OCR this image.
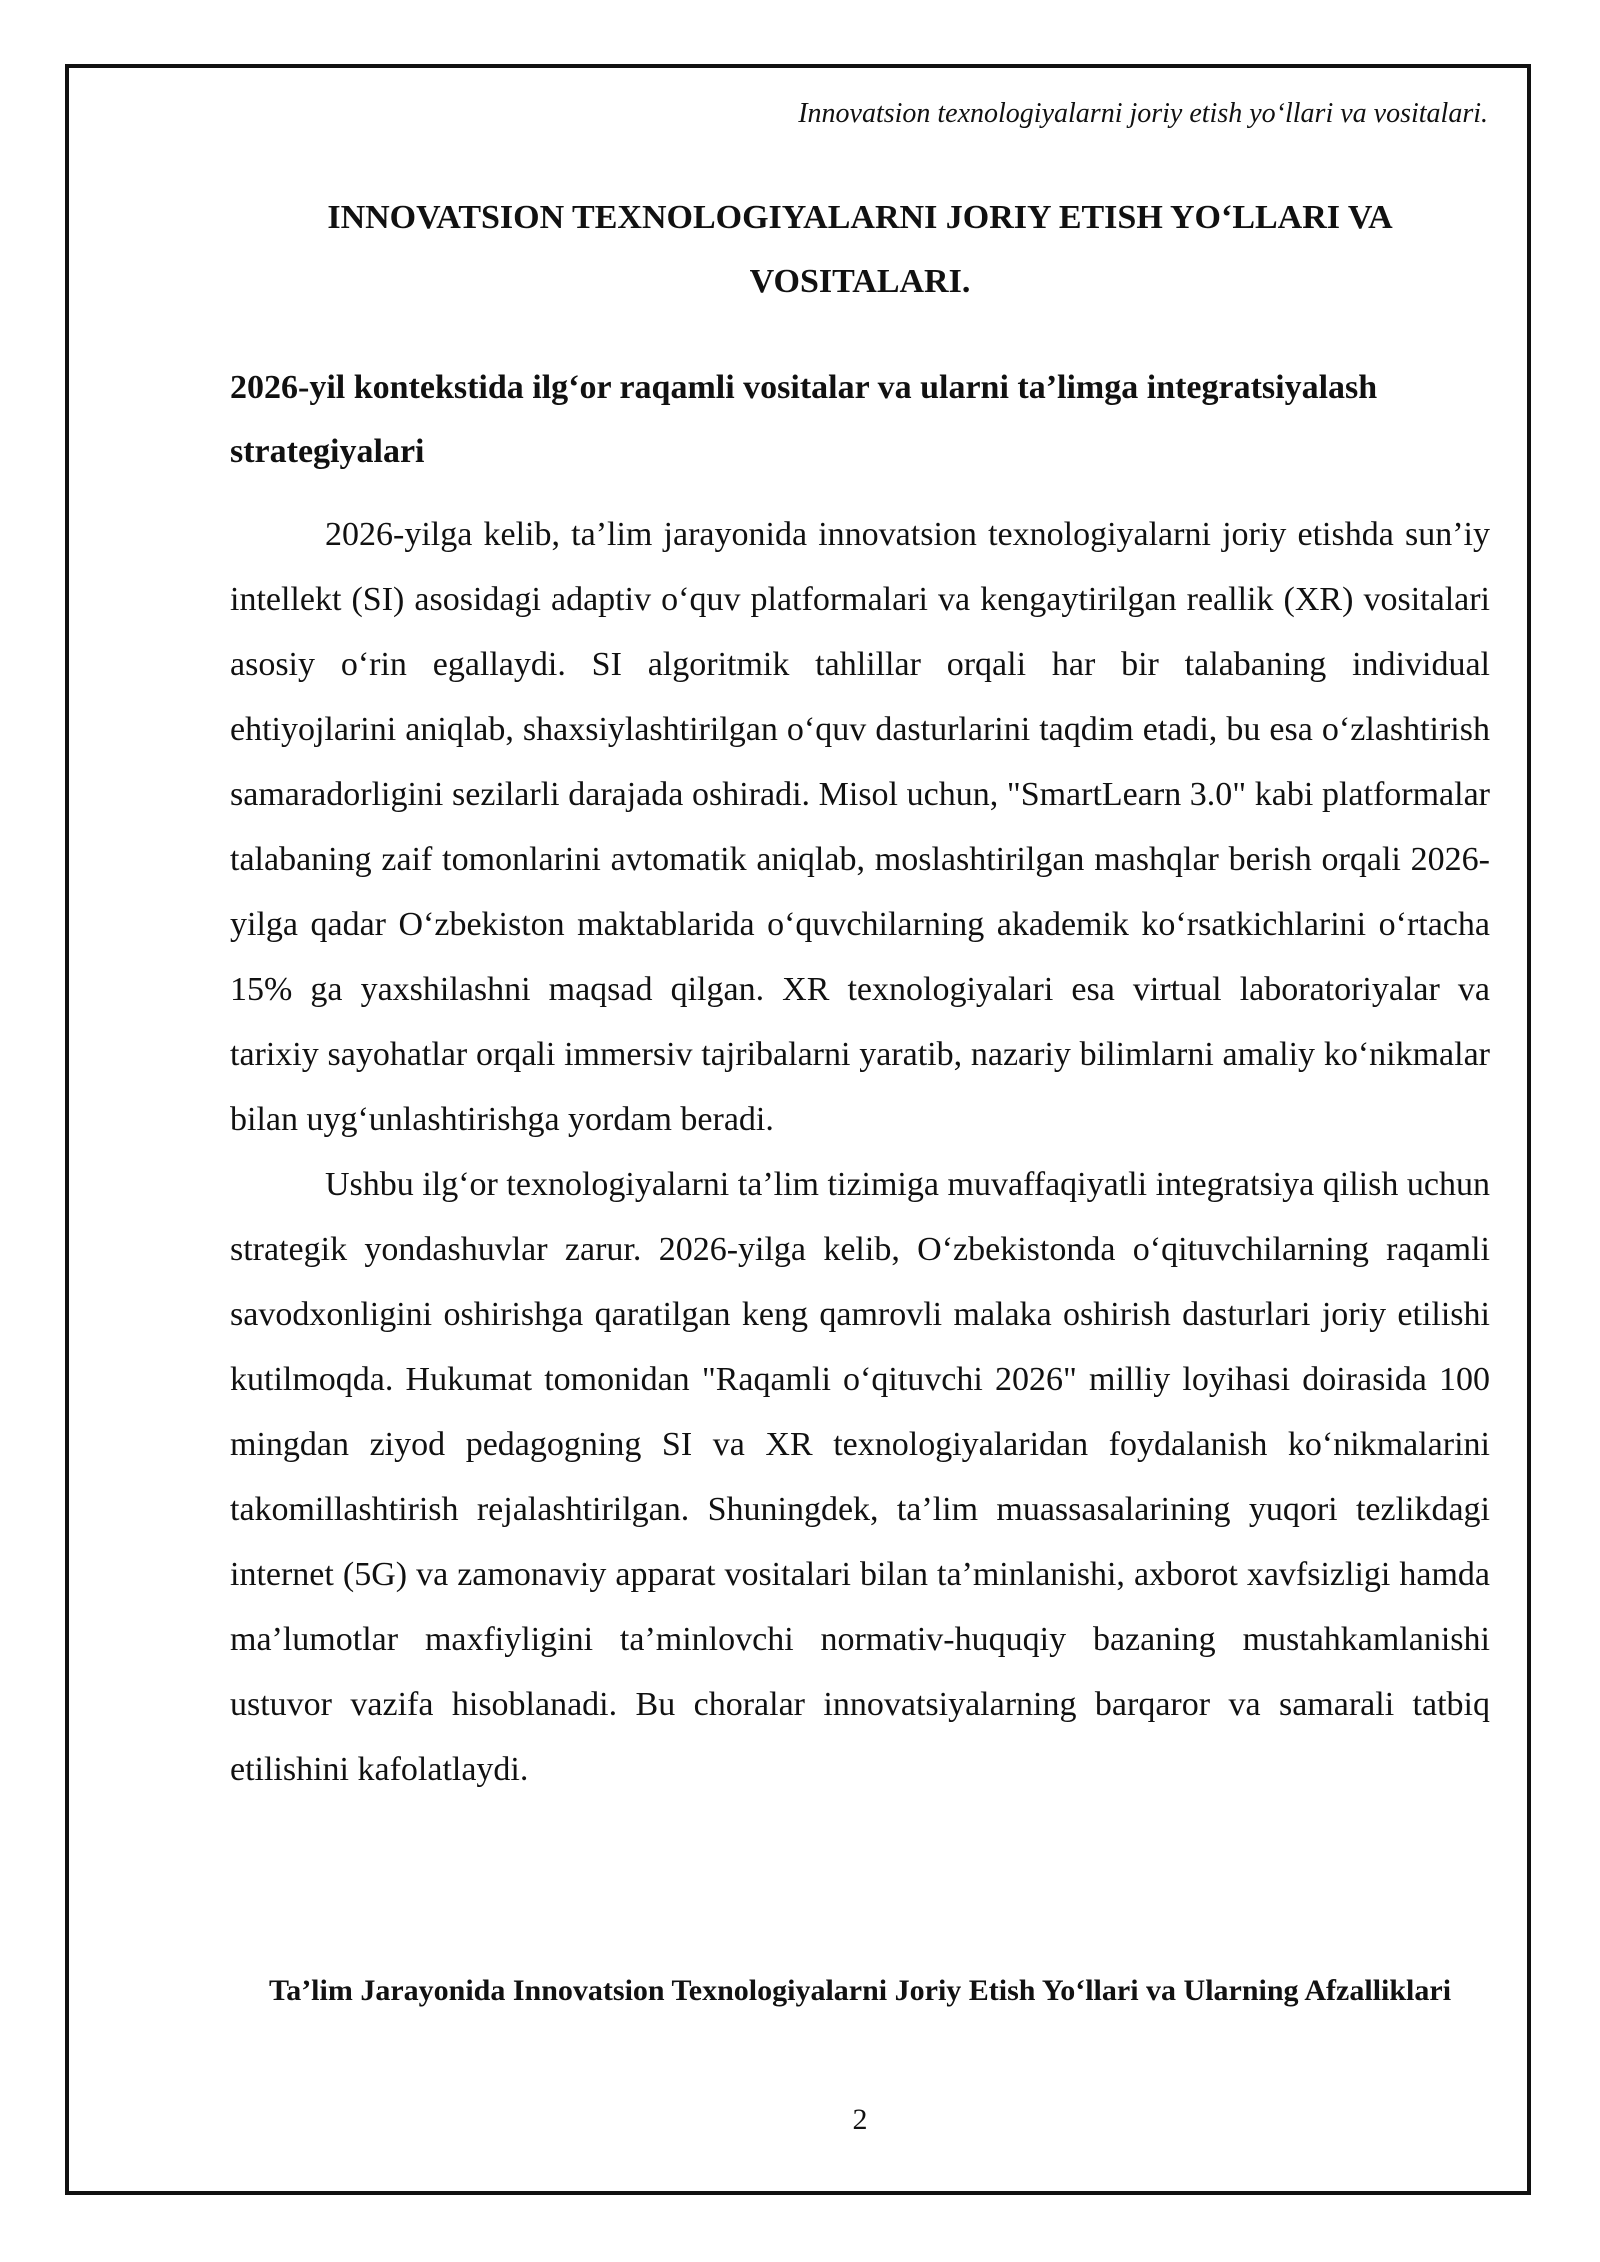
Innovatsion texnologiyalarni joriy etish yo‘llari va vositalari.
INNOVATSION TEXNOLOGIYALARNI JORIY ETISH YO‘LLARI VA VOSITALARI.
2026-yil kontekstida ilg‘or raqamli vositalar va ularni ta’limga integratsiyalash strategiyalari

2026-yilga kelib, ta’lim jarayonida innovatsion texnologiyalarni joriy etishda sun’iy intellekt (SI) asosidagi adaptiv o‘quv platformalari va kengaytirilgan reallik (XR) vositalari asosiy o‘rin egallaydi. SI algoritmik tahlillar orqali har bir talabaning individual ehtiyojlarini aniqlab, shaxsiylashtirilgan o‘quv dasturlarini taqdim etadi, bu esa o‘zlashtirish samaradorligini sezilarli darajada oshiradi. Misol uchun, "SmartLearn 3.0" kabi platformalar talabaning zaif tomonlarini avtomatik aniqlab, moslashtirilgan mashqlar berish orqali 2026-yilga qadar O‘zbekiston maktablarida o‘quvchilarning akademik ko‘rsatkichlarini o‘rtacha 15% ga yaxshilashni maqsad qilgan. XR texnologiyalari esa virtual laboratoriyalar va tarixiy sayohatlar orqali immersiv tajribalarni yaratib, nazariy bilimlarni amaliy ko‘nikmalar bilan uyg‘unlashtirishga yordam beradi.

Ushbu ilg‘or texnologiyalarni ta’lim tizimiga muvaffaqiyatli integratsiya qilish uchun strategik yondashuvlar zarur. 2026-yilga kelib, O‘zbekistonda o‘qituvchilarning raqamli savodxonligini oshirishga qaratilgan keng qamrovli malaka oshirish dasturlari joriy etilishi kutilmoqda. Hukumat tomonidan "Raqamli o‘qituvchi 2026" milliy loyihasi doirasida 100 mingdan ziyod pedagogning SI va XR texnologiyalaridan foydalanish ko‘nikmalarini takomillashtirish rejalashtirilgan. Shuningdek, ta’lim muassasalarining yuqori tezlikdagi internet (5G) va zamonaviy apparat vositalari bilan ta’minlanishi, axborot xavfsizligi hamda ma’lumotlar maxfiyligini ta’minlovchi normativ-huquqiy bazaning mustahkamlanishi ustuvor vazifa hisoblanadi. Bu choralar innovatsiyalarning barqaror va samarali tatbiq etilishini kafolatlaydi.

Ta’lim Jarayonida Innovatsion Texnologiyalarni Joriy Etish Yo‘llari va Ularning Afzalliklari
2
